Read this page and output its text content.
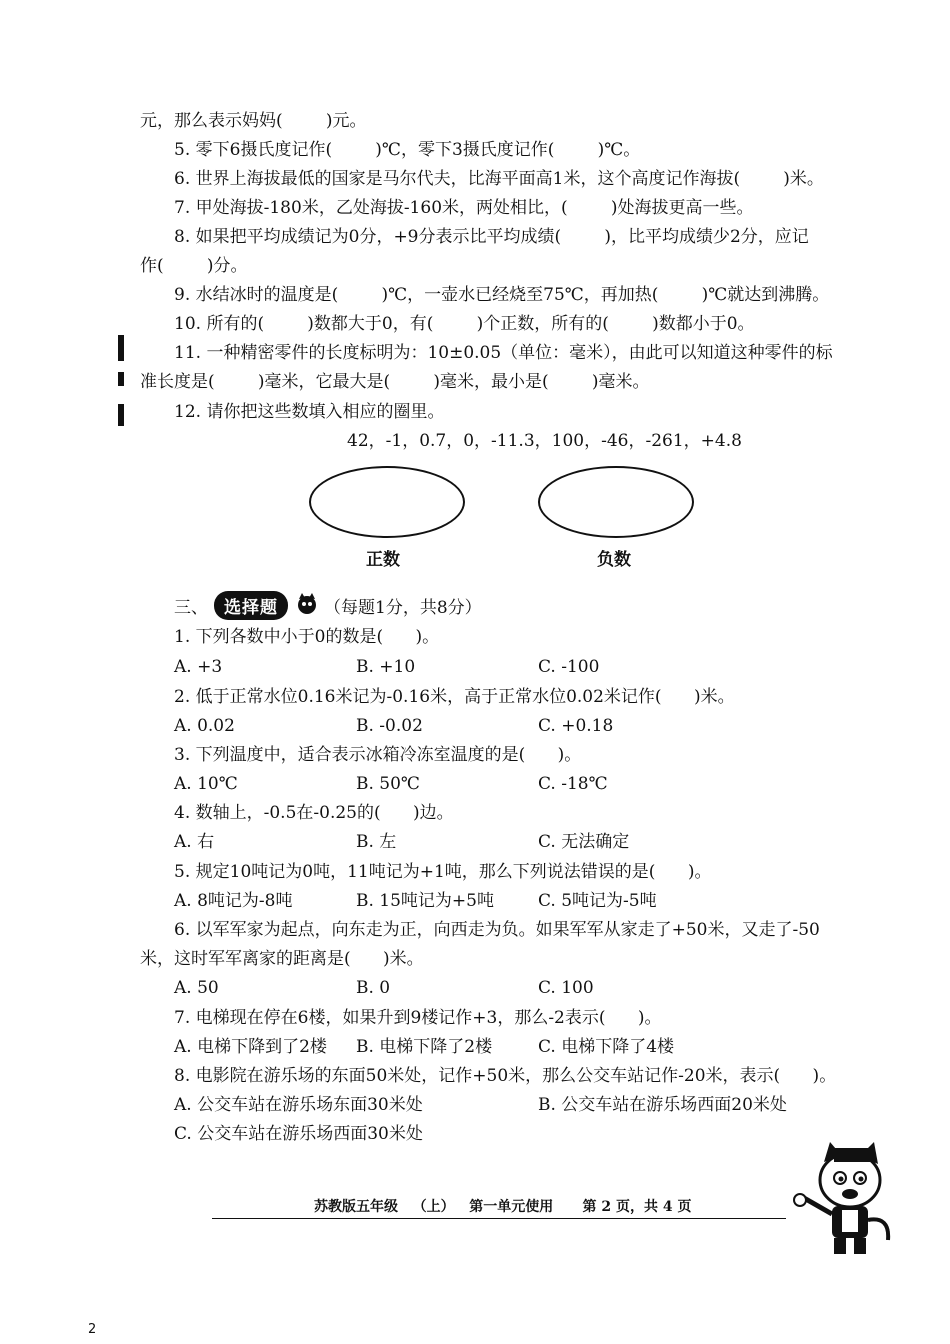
元，那么表示妈妈(        )元。
5. 零下6摄氏度记作(        )℃，零下3摄氏度记作(        )℃。
6. 世界上海拔最低的国家是马尔代夫，比海平面高1米，这个高度记作海拔(        )米。
7. 甲处海拔-180米，乙处海拔-160米，两处相比，(        )处海拔更高一些。
8. 如果把平均成绩记为0分，+9分表示比平均成绩(        )，比平均成绩少2分，应记
作(        )分。
9. 水结冰时的温度是(        )℃，一壶水已经烧至75℃，再加热(        )℃就达到沸腾。
10. 所有的(        )数都大于0，有(        )个正数，所有的(        )数都小于0。
11. 一种精密零件的长度标明为：10±0.05（单位：毫米），由此可以知道这种零件的标
准长度是(        )毫米，它最大是(        )毫米，最小是(        )毫米。
12. 请你把这些数填入相应的圈里。
42，-1，0.7，0，-11.3，100，-46，-261，+4.8
正数	负数
三、 选择题	（每题1分，共8分）
1. 下列各数中小于0的数是(      )。
A. +3	B. +10	C. -100
2. 低于正常水位0.16米记为-0.16米，高于正常水位0.02米记作(      )米。
A. 0.02	B. -0.02	C. +0.18
3. 下列温度中，适合表示冰箱冷冻室温度的是(      )。
A. 10℃	B. 50℃	C. -18℃
4. 数轴上，-0.5在-0.25的(      )边。
A. 右	B. 左	C. 无法确定
5. 规定10吨记为0吨，11吨记为+1吨，那么下列说法错误的是(      )。
A. 8吨记为-8吨	B. 15吨记为+5吨	C. 5吨记为-5吨
6. 以军军家为起点，向东走为正，向西走为负。如果军军从家走了+50米，又走了-50
米，这时军军离家的距离是(      )米。
A. 50	B. 0	C. 100
7. 电梯现在停在6楼，如果升到9楼记作+3，那么-2表示(      )。
A. 电梯下降到了2楼 B. 电梯下降了2楼	C. 电梯下降了4楼
8. 电影院在游乐场的东面50米处，记作+50米，那么公交车站记作-20米，表示(      )。
A. 公交车站在游乐场东面30米处	B. 公交车站在游乐场西面20米处
C. 公交车站在游乐场西面30米处
苏教版五年级   （上）   第一单元使用      第 2 页，共 4 页
2
